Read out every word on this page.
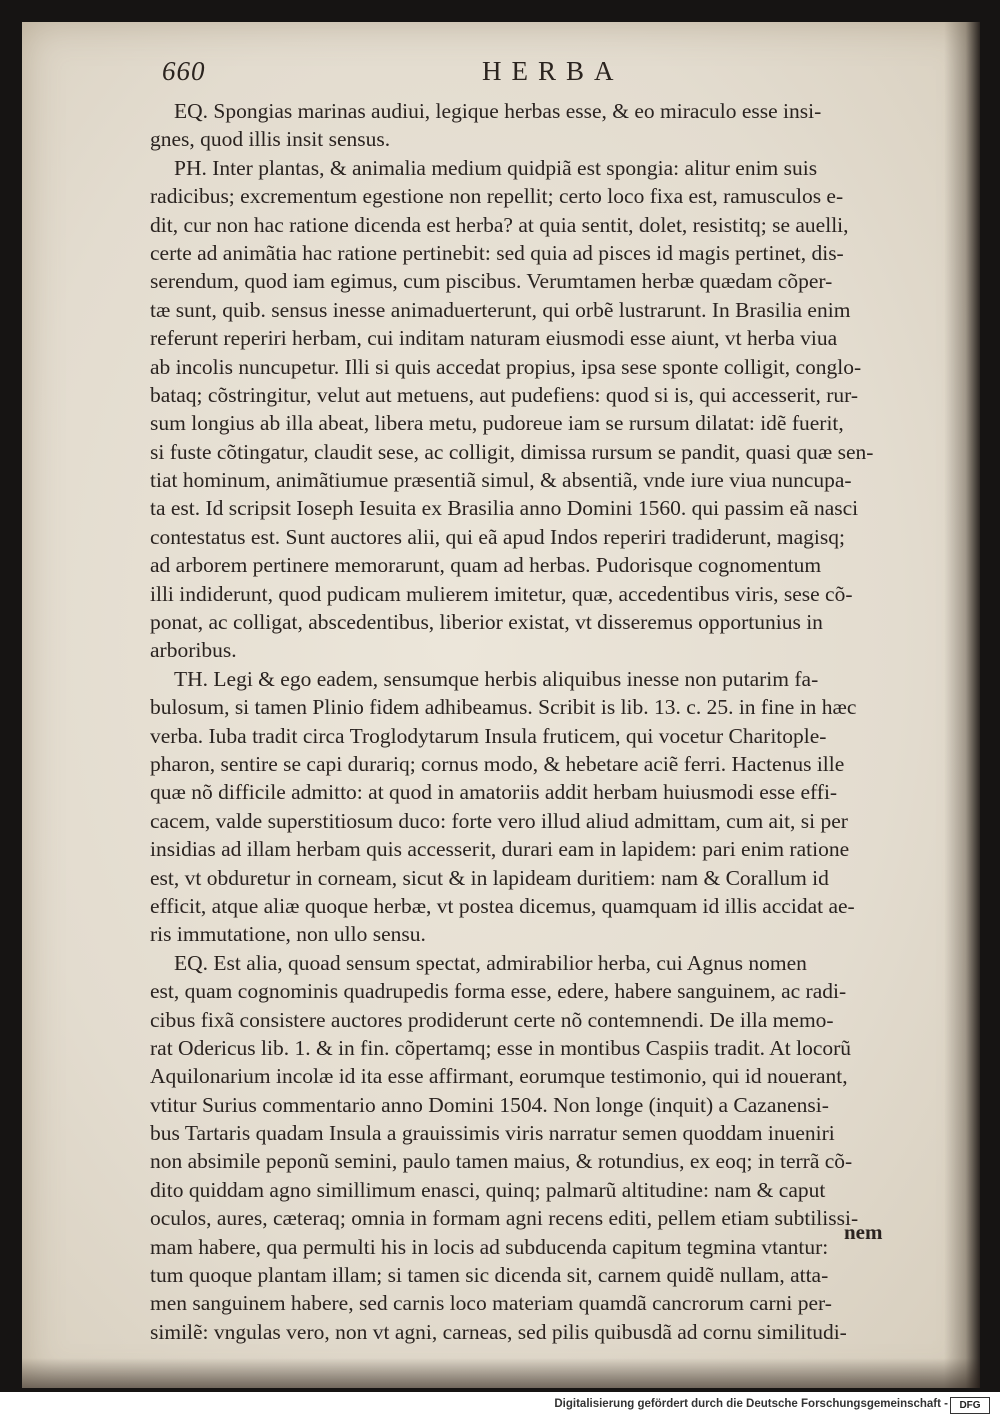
660	HERBA
EQ. Spongias marinas audiui, legique herbas esse, & eo miraculo esse insi-
gnes, quod illis insit sensus.
PH. Inter plantas, & animalia medium quidpiã est spongia: alitur enim suis
radicibus; excrementum egestione non repellit; certo loco fixa est, ramusculos e-
dit, cur non hac ratione dicenda est herba? at quia sentit, dolet, resistitq; se auelli,
certe ad animãtia hac ratione pertinebit: sed quia ad pisces id magis pertinet, dis-
serendum, quod iam egimus, cum piscibus. Verumtamen herbæ quædam cõper-
tæ sunt, quib. sensus inesse animaduerterunt, qui orbẽ lustrarunt. In Brasilia enim
referunt reperiri herbam, cui inditam naturam eiusmodi esse aiunt, vt herba viua
ab incolis nuncupetur. Illi si quis accedat propius, ipsa sese sponte colligit, conglo-
bataq; cõstringitur, velut aut metuens, aut pudefiens: quod si is, qui accesserit, rur-
sum longius ab illa abeat, libera metu, pudoreue iam se rursum dilatat: idẽ fuerit,
si fuste cõtingatur, claudit sese, ac colligit, dimissa rursum se pandit, quasi quæ sen-
tiat hominum, animãtiumue præsentiã simul, & absentiã, vnde iure viua nuncupa-
ta est. Id scripsit Ioseph Iesuita ex Brasilia anno Domini 1560. qui passim eã nasci
contestatus est. Sunt auctores alii, qui eã apud Indos reperiri tradiderunt, magisq;
ad arborem pertinere memorarunt, quam ad herbas. Pudorisque cognomentum
illi indiderunt, quod pudicam mulierem imitetur, quæ, accedentibus viris, sese cõ-
ponat, ac colligat, abscedentibus, liberior existat, vt disseremus opportunius in
arboribus.
TH. Legi & ego eadem, sensumque herbis aliquibus inesse non putarim fa-
bulosum, si tamen Plinio fidem adhibeamus. Scribit is lib. 13. c. 25. in fine in hæc
verba. Iuba tradit circa Troglodytarum Insula fruticem, qui vocetur Charitople-
pharon, sentire se capi durariq; cornus modo, & hebetare aciẽ ferri. Hactenus ille
quæ nõ difficile admitto: at quod in amatoriis addit herbam huiusmodi esse effi-
cacem, valde superstitiosum duco: forte vero illud aliud admittam, cum ait, si per
insidias ad illam herbam quis accesserit, durari eam in lapidem: pari enim ratione
est, vt obduretur in corneam, sicut & in lapideam duritiem: nam & Corallum id
efficit, atque aliæ quoque herbæ, vt postea dicemus, quamquam id illis accidat ae-
ris immutatione, non ullo sensu.
EQ. Est alia, quoad sensum spectat, admirabilior herba, cui Agnus nomen
est, quam cognominis quadrupedis forma esse, edere, habere sanguinem, ac radi-
cibus fixã consistere auctores prodiderunt certe nõ contemnendi. De illa memo-
rat Odericus lib. 1. & in fin. cõpertamq; esse in montibus Caspiis tradit. At locorũ
Aquilonarium incolæ id ita esse affirmant, eorumque testimonio, qui id nouerant,
vtitur Surius commentario anno Domini 1504. Non longe (inquit) a Cazanensi-
bus Tartaris quadam Insula a grauissimis viris narratur semen quoddam inueniri
non absimile peponũ semini, paulo tamen maius, & rotundius, ex eoq; in terrã cõ-
dito quiddam agno simillimum enasci, quinq; palmarũ altitudine: nam & caput
oculos, aures, cæteraq; omnia in formam agni recens editi, pellem etiam subtilissi-
mam habere, qua permulti his in locis ad subducenda capitum tegmina vtantur:
tum quoque plantam illam; si tamen sic dicenda sit, carnem quidẽ nullam, atta-
men sanguinem habere, sed carnis loco materiam quamdã cancrorum carni per-
similẽ: vngulas vero, non vt agni, carneas, sed pilis quibusdã ad cornu similitudi-
nem
Digitalisierung gefördert durch die Deutsche Forschungsgemeinschaft -	DFG
